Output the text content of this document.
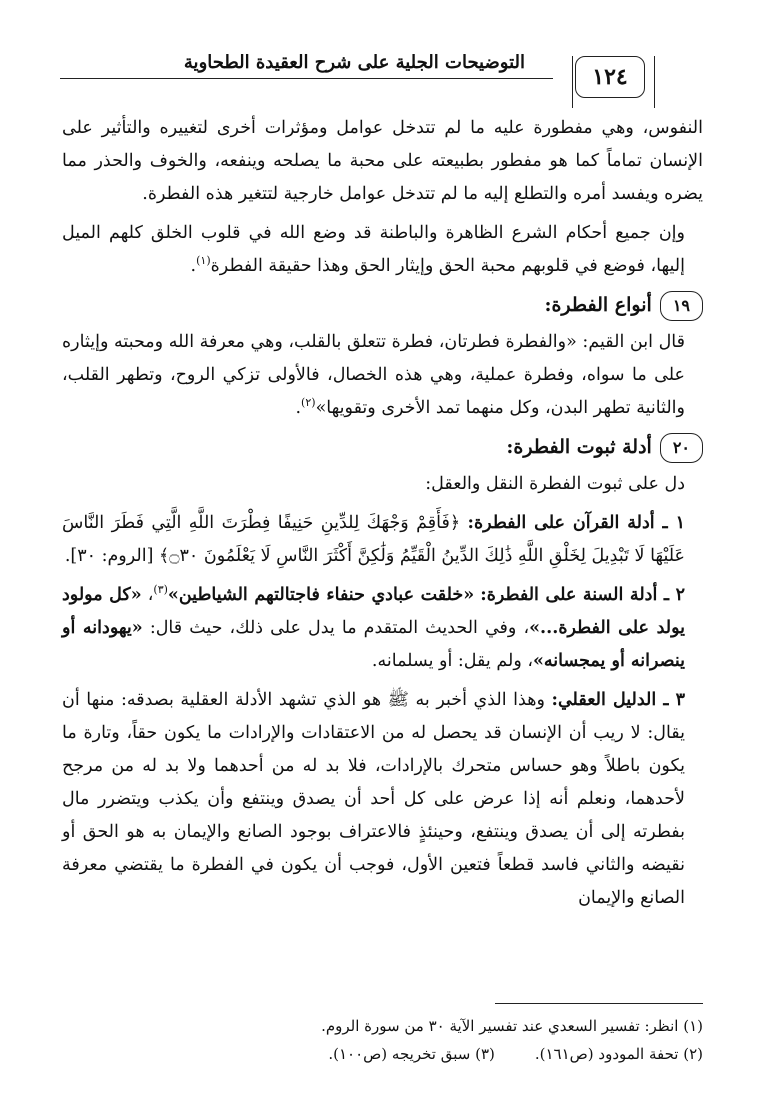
التوضيحات الجلية على شرح العقيدة الطحاوية
١٢٤

النفوس، وهي مفطورة عليه ما لم تتدخل عوامل ومؤثرات أخرى لتغييره والتأثير على الإنسان تماماً كما هو مفطور بطبيعته على محبة ما يصلحه وينفعه، والخوف والحذر مما يضره ويفسد أمره والتطلع إليه ما لم تتدخل عوامل خارجية لتتغير هذه الفطرة.

وإن جميع أحكام الشرع الظاهرة والباطنة قد وضع الله في قلوب الخلق كلهم الميل إليها، فوضع في قلوبهم محبة الحق وإيثار الحق وهذا حقيقة الفطرة$^{(١)}$.

١٩
أنواع الفطرة:

قال ابن القيم: «والفطرة فطرتان، فطرة تتعلق بالقلب، وهي معرفة الله ومحبته وإيثاره على ما سواه، وفطرة عملية، وهي هذه الخصال، فالأولى تزكي الروح، وتطهر القلب، والثانية تطهر البدن، وكل منهما تمد الأخرى وتقويها»$^{(٢)}$.

٢٠
أدلة ثبوت الفطرة:

دل على ثبوت الفطرة النقل والعقل:

١ ـ أدلة القرآن على الفطرة: ﴿فَأَقِمْ وَجْهَكَ لِلدِّينِ حَنِيفًا فِطْرَتَ اللَّهِ الَّتِي فَطَرَ النَّاسَ عَلَيْهَا لَا تَبْدِيلَ لِخَلْقِ اللَّهِ ذَٰلِكَ الدِّينُ الْقَيِّمُ وَلَٰكِنَّ أَكْثَرَ النَّاسِ لَا يَعْلَمُونَ ۝٣٠﴾ [الروم: ٣٠].

٢ ـ أدلة السنة على الفطرة: «خلقت عبادي حنفاء فاجتالتهم الشياطين»$^{(٣)}$، «كل مولود يولد على الفطرة...»، وفي الحديث المتقدم ما يدل على ذلك، حيث قال: «يهودانه أو ينصرانه أو يمجسانه»، ولم يقل: أو يسلمانه.

٣ ـ الدليل العقلي: وهذا الذي أخبر به ﷺ هو الذي تشهد الأدلة العقلية بصدقه: منها أن يقال: لا ريب أن الإنسان قد يحصل له من الاعتقادات والإرادات ما يكون حقاً، وتارة ما يكون باطلاً وهو حساس متحرك بالإرادات، فلا بد له من أحدهما ولا بد له من مرجح لأحدهما، ونعلم أنه إذا عرض على كل أحد أن يصدق وينتفع وأن يكذب ويتضرر مال بفطرته إلى أن يصدق وينتفع، وحينئذٍ فالاعتراف بوجود الصانع والإيمان به هو الحق أو نقيضه والثاني فاسد قطعاً فتعين الأول، فوجب أن يكون في الفطرة ما يقتضي معرفة الصانع والإيمان

(١) انظر: تفسير السعدي عند تفسير الآية ٣٠ من سورة الروم.
(٢) تحفة المودود (ص١٦١).
(٣) سبق تخريجه (ص١٠٠).
